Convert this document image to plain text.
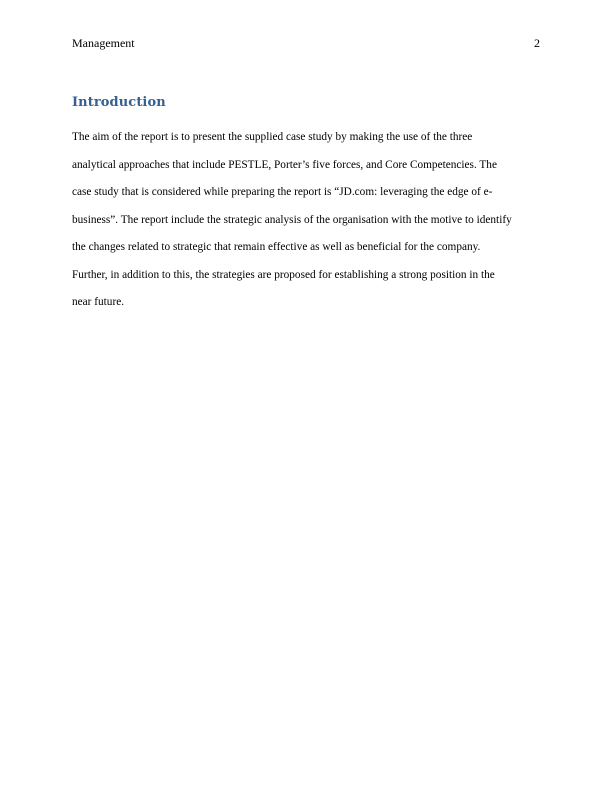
Management	2
Introduction
The aim of the report is to present the supplied case study by making the use of the three
analytical approaches that include PESTLE, Porter’s five forces, and Core Competencies. The
case study that is considered while preparing the report is “JD.com: leveraging the edge of e-
business”. The report include the strategic analysis of the organisation with the motive to identify
the changes related to strategic that remain effective as well as beneficial for the company.
Further, in addition to this, the strategies are proposed for establishing a strong position in the
near future.
